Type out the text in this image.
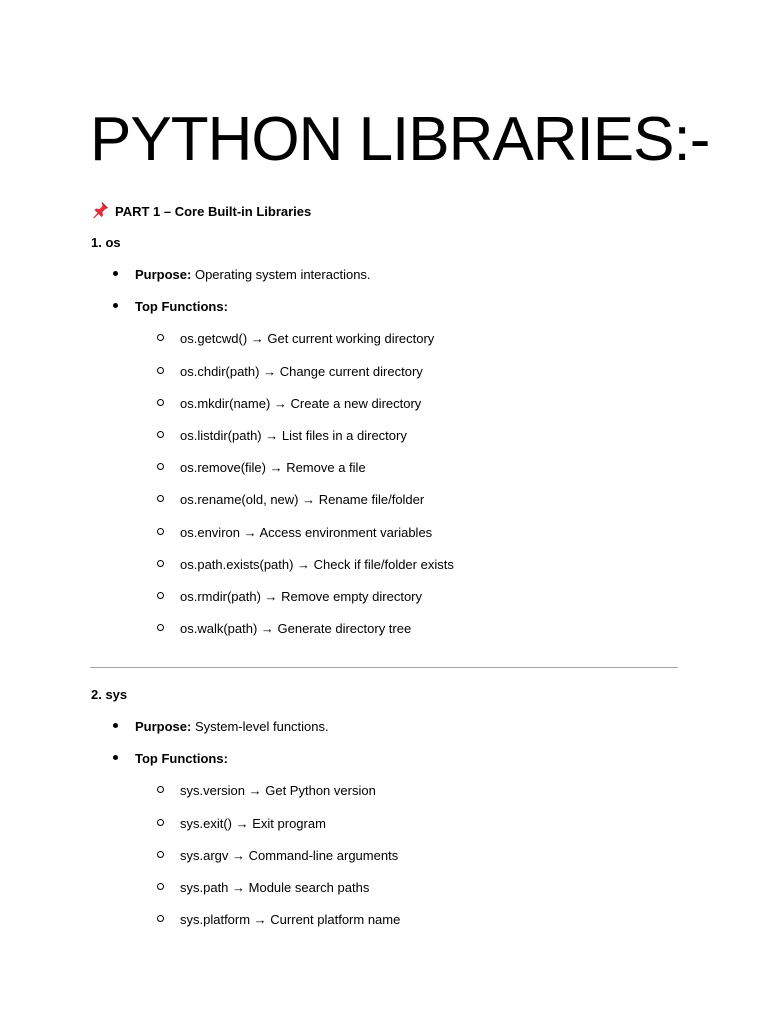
PYTHON LIBRARIES:-
PART 1 – Core Built-in Libraries
1. os
Purpose: Operating system interactions.
Top Functions:
os.getcwd() → Get current working directory
os.chdir(path) → Change current directory
os.mkdir(name) → Create a new directory
os.listdir(path) → List files in a directory
os.remove(file) → Remove a file
os.rename(old, new) → Rename file/folder
os.environ → Access environment variables
os.path.exists(path) → Check if file/folder exists
os.rmdir(path) → Remove empty directory
os.walk(path) → Generate directory tree
2. sys
Purpose: System-level functions.
Top Functions:
sys.version → Get Python version
sys.exit() → Exit program
sys.argv → Command-line arguments
sys.path → Module search paths
sys.platform → Current platform name
